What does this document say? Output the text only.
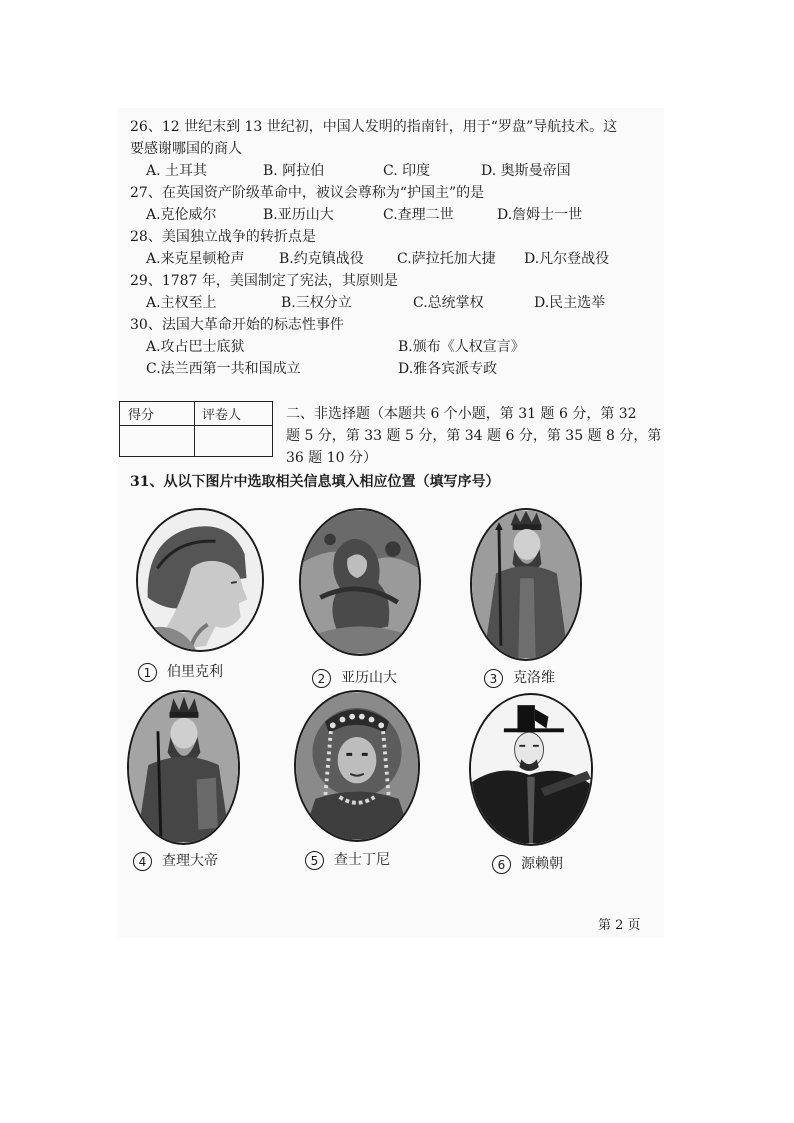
26、12 世纪末到 13 世纪初，中国人发明的指南针，用于“罗盘”导航技术。这
要感谢哪国的商人
A. 土耳其	B. 阿拉伯	C. 印度	D. 奥斯曼帝国
27、在英国资产阶级革命中，被议会尊称为“护国主”的是
A.克伦威尔	B.亚历山大	C.查理二世	D.詹姆士一世
28、美国独立战争的转折点是
A.来克星顿枪声 B.约克镇战役 C.萨拉托加大捷 D.凡尔登战役
29、1787 年，美国制定了宪法，其原则是
A.主权至上	B.三权分立	C.总统掌权	D.民主选举
30、法国大革命开始的标志性事件
A.攻占巴士底狱	B.颁布《人权宣言》
C.法兰西第一共和国成立	D.雅各宾派专政
得分	评卷人	二、非选择题（本题共 6 个小题，第 31 题 6 分，第 32
题 5 分，第 33 题 5 分，第 34 题 6 分，第 35 题 8 分，第
36 题 10 分）
31、从以下图片中选取相关信息填入相应位置（填写序号）
1	伯里克利	2	亚历山大	3	克洛维
4	查理大帝	5	查士丁尼	6	源赖朝
第 2 页
